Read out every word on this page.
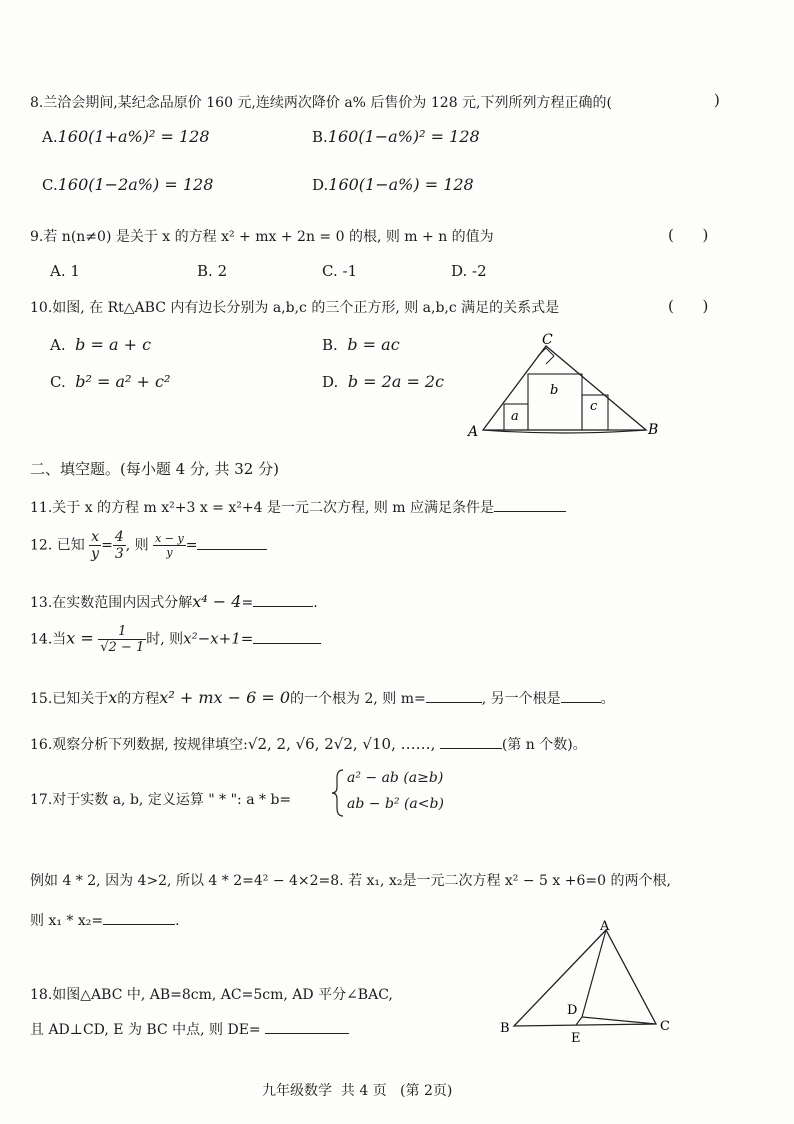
8.兰洽会期间,某纪念品原价 160 元,连续两次降价 a% 后售价为 128 元,下列所列方程正确的(	)
A.160(1+a%)² = 128	B.160(1−a%)² = 128
C.160(1−2a%) = 128	D.160(1−a%) = 128
9.若 n(n≠0) 是关于 x 的方程 x² + mx + 2n = 0 的根, 则 m + n 的值为	(      )
A. 1	B. 2	C. -1	D. -2
10.如图, 在 Rt△ABC 内有边长分别为 a,b,c 的三个正方形, 则 a,b,c 满足的关系式是	(      )
A. b = a + c	B. b = ac
C. b² = a² + c²	D. b = 2a = 2c
A	B
C
a
b
c
二、填空题。(每小题 4 分, 共 32 分)
11.关于 x 的方程 m x²+3 x = x²+4 是一元二次方程, 则 m 应满足条件是
12. 已知 $\frac{x}{y} = \frac{4}{3}$ , 则 $\frac{x - y}{y}$ =
13.在实数范围内因式分解x⁴ − 4=	.
14.当$x = \frac{1}{√2 - 1}$ 时, 则x²−x+1=
15.已知关于x的方程x² + mx − 6 = 0的一个根为 2, 则 m=	, 另一个根是	。
16.观察分析下列数据, 按规律填空:√2, 2, √6, 2√2, √10, ……,	(第 n 个数)。
17.对于实数 a, b, 定义运算 " * ": a * b=
a² − ab (a≥b)
ab − b² (a<b)
例如 4 * 2, 因为 4>2, 所以 4 * 2=4² − 4×2=8. 若 x₁, x₂是一元二次方程 x² − 5 x +6=0 的两个根,
则 x₁ * x₂=	.
18.如图△ABC 中, AB=8cm, AC=5cm, AD 平分∠BAC,
且 AD⊥CD, E 为 BC 中点, 则 DE=
A
B	C
D
E
九年级数学  共 4 页   (第 2页)
